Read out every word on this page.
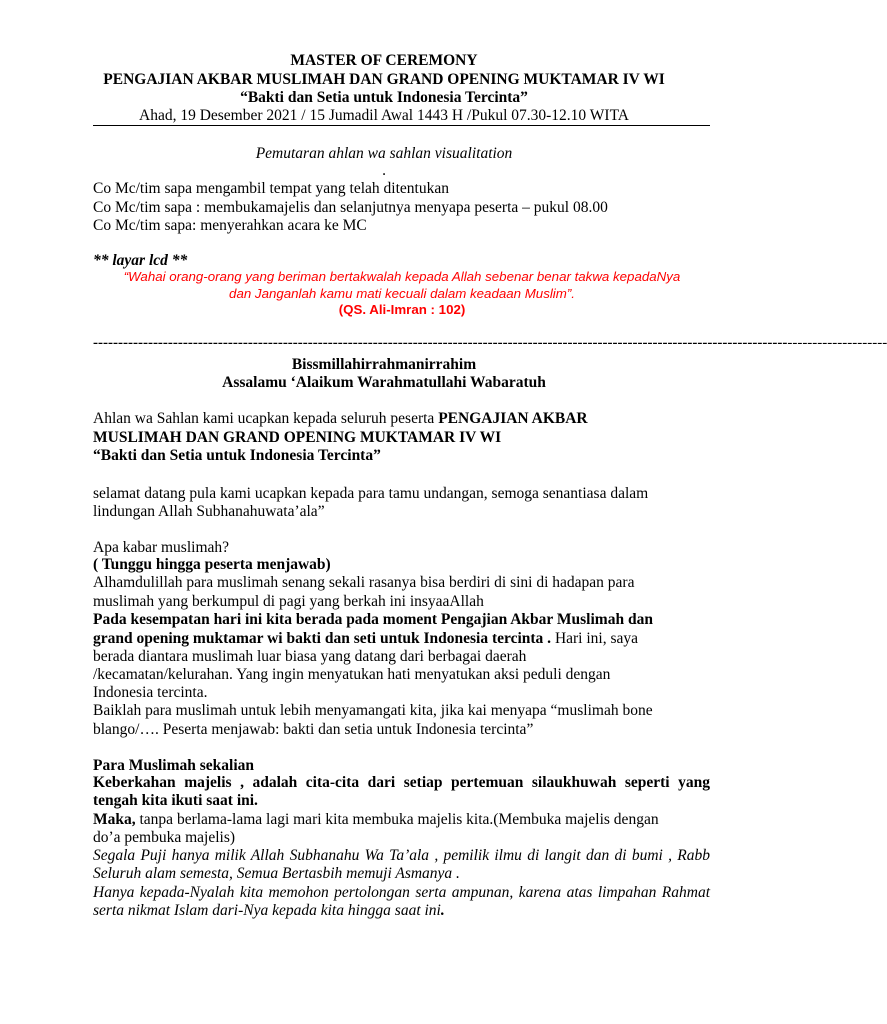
MASTER OF CEREMONY
PENGAJIAN AKBAR MUSLIMAH DAN GRAND OPENING MUKTAMAR IV WI
“Bakti dan Setia untuk Indonesia Tercinta”
Ahad, 19 Desember 2021 / 15 Jumadil Awal 1443 H /Pukul 07.30-12.10 WITA
Pemutaran ahlan wa sahlan visualitation
.
Co Mc/tim sapa mengambil tempat yang telah ditentukan
Co Mc/tim sapa : membukamajelis dan selanjutnya menyapa peserta – pukul 08.00
Co Mc/tim sapa: menyerahkan acara ke MC
** layar lcd **
“Wahai orang-orang yang beriman bertakwalah kepada Allah sebenar benar takwa kepadaNya
dan Janganlah kamu mati kecuali dalam keadaan Muslim”.
(QS. Ali-Imran : 102)
---------------------------------------------------------------------------------------------------------------------------------------------------------------
Bissmillahirrahmanirrahim
Assalamu ‘Alaikum Warahmatullahi Wabaratuh
Ahlan wa Sahlan kami ucapkan kepada seluruh peserta PENGAJIAN AKBAR
MUSLIMAH DAN GRAND OPENING MUKTAMAR IV WI
“Bakti dan Setia untuk Indonesia Tercinta”
selamat datang pula kami ucapkan kepada para tamu undangan, semoga senantiasa dalam
lindungan Allah Subhanahuwata’ala”
Apa kabar muslimah?
( Tunggu hingga peserta menjawab)
Alhamdulillah para muslimah senang sekali rasanya bisa berdiri di sini di hadapan para
muslimah yang berkumpul di pagi yang berkah ini insyaaAllah
Pada kesempatan hari ini kita berada pada moment Pengajian Akbar Muslimah dan
grand opening muktamar wi bakti dan seti untuk Indonesia tercinta . Hari ini, saya
berada diantara muslimah luar biasa yang datang dari berbagai daerah
/kecamatan/kelurahan. Yang ingin menyatukan hati menyatukan aksi peduli dengan
Indonesia tercinta.
Baiklah para muslimah untuk lebih menyamangati kita, jika kai menyapa “muslimah bone
blango/…. Peserta menjawab: bakti dan setia untuk Indonesia tercinta”
Para Muslimah sekalian
Keberkahan majelis , adalah cita-cita dari setiap pertemuan silaukhuwah seperti yang tengah kita ikuti saat ini.
Maka, tanpa berlama-lama lagi mari kita membuka majelis kita.(Membuka majelis dengan
do’a pembuka majelis)
Segala Puji hanya milik Allah Subhanahu Wa Ta’ala , pemilik ilmu di langit dan di bumi , Rabb Seluruh alam semesta, Semua Bertasbih memuji Asmanya .
Hanya kepada-Nyalah kita memohon pertolongan serta ampunan, karena atas limpahan Rahmat serta nikmat Islam dari-Nya kepada kita hingga saat ini.
